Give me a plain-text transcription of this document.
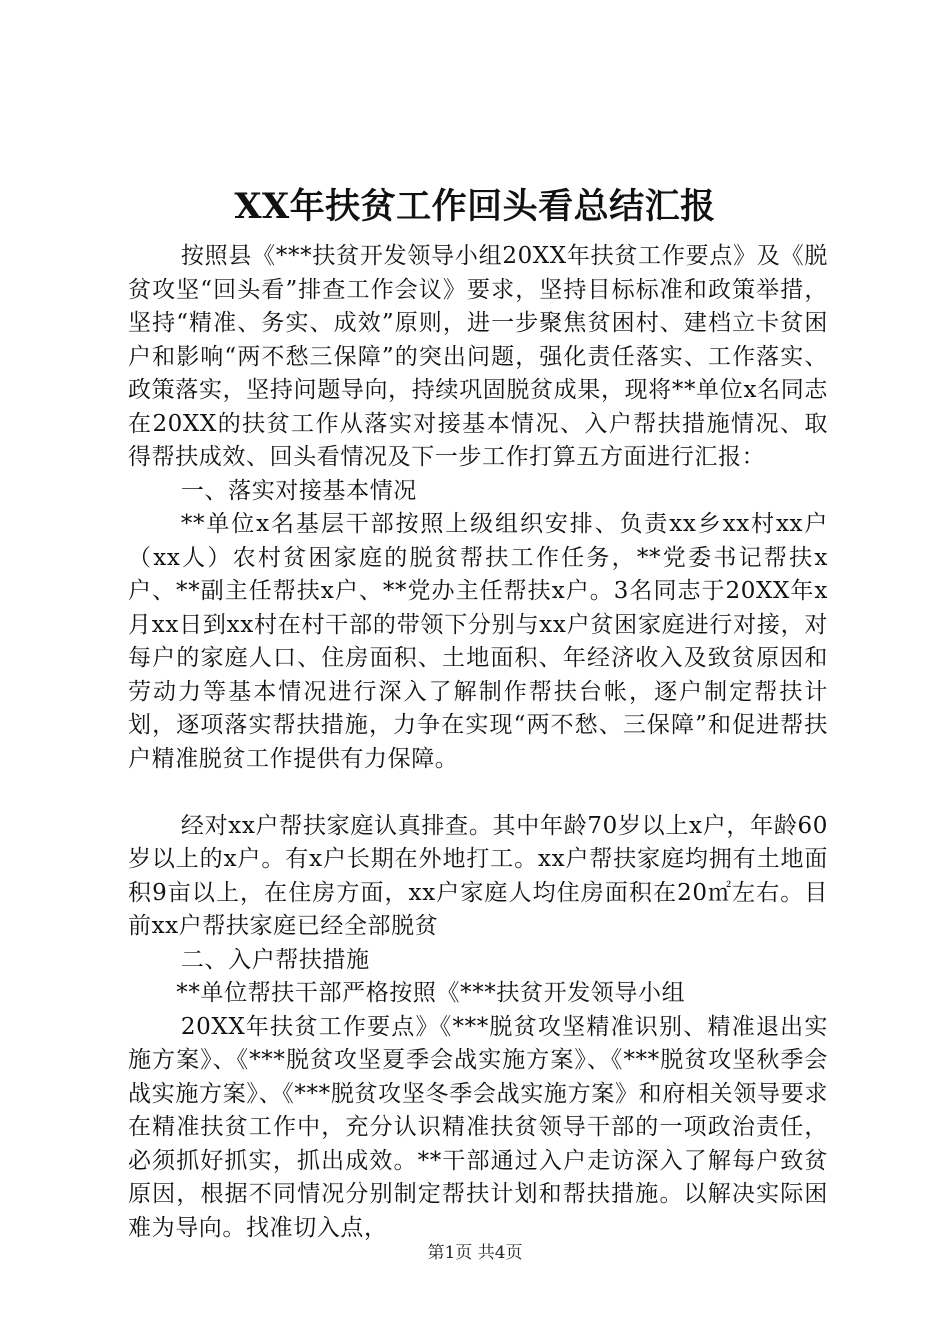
XX年扶贫工作回头看总结汇报

按照县《***扶贫开发领导小组20XX年扶贫工作要点》及《脱贫攻坚“回头看”排查工作会议》要求，坚持目标标准和政策举措，坚持“精准、务实、成效”原则，进一步聚焦贫困村、建档立卡贫困户和影响“两不愁三保障”的突出问题，强化责任落实、工作落实、政策落实，坚持问题导向，持续巩固脱贫成果，现将**单位x名同志在20XX的扶贫工作从落实对接基本情况、入户帮扶措施情况、取得帮扶成效、回头看情况及下一步工作打算五方面进行汇报：

一、落实对接基本情况

**单位x名基层干部按照上级组织安排、负责xx乡xx村xx户（xx人）农村贫困家庭的脱贫帮扶工作任务，**党委书记帮扶x户、**副主任帮扶x户、**党办主任帮扶x户。3名同志于20XX年x月xx日到xx村在村干部的带领下分别与xx户贫困家庭进行对接，对每户的家庭人口、住房面积、土地面积、年经济收入及致贫原因和劳动力等基本情况进行深入了解制作帮扶台帐，逐户制定帮扶计划，逐项落实帮扶措施，力争在实现“两不愁、三保障”和促进帮扶户精准脱贫工作提供有力保障。

经对xx户帮扶家庭认真排查。其中年龄70岁以上x户，年龄60岁以上的x户。有x户长期在外地打工。xx户帮扶家庭均拥有土地面积9亩以上，在住房方面，xx户家庭人均住房面积在20㎡左右。目前xx户帮扶家庭已经全部脱贫

二、入户帮扶措施

**单位帮扶干部严格按照《***扶贫开发领导小组

20XX年扶贫工作要点》《***脱贫攻坚精准识别、精准退出实施方案》、《***脱贫攻坚夏季会战实施方案》、《***脱贫攻坚秋季会战实施方案》、《***脱贫攻坚冬季会战实施方案》和府相关领导要求在精准扶贫工作中，充分认识精准扶贫领导干部的一项政治责任，必须抓好抓实，抓出成效。**干部通过入户走访深入了解每户致贫原因，根据不同情况分别制定帮扶计划和帮扶措施。以解决实际困难为导向。找准切入点，

第1页 共4页
